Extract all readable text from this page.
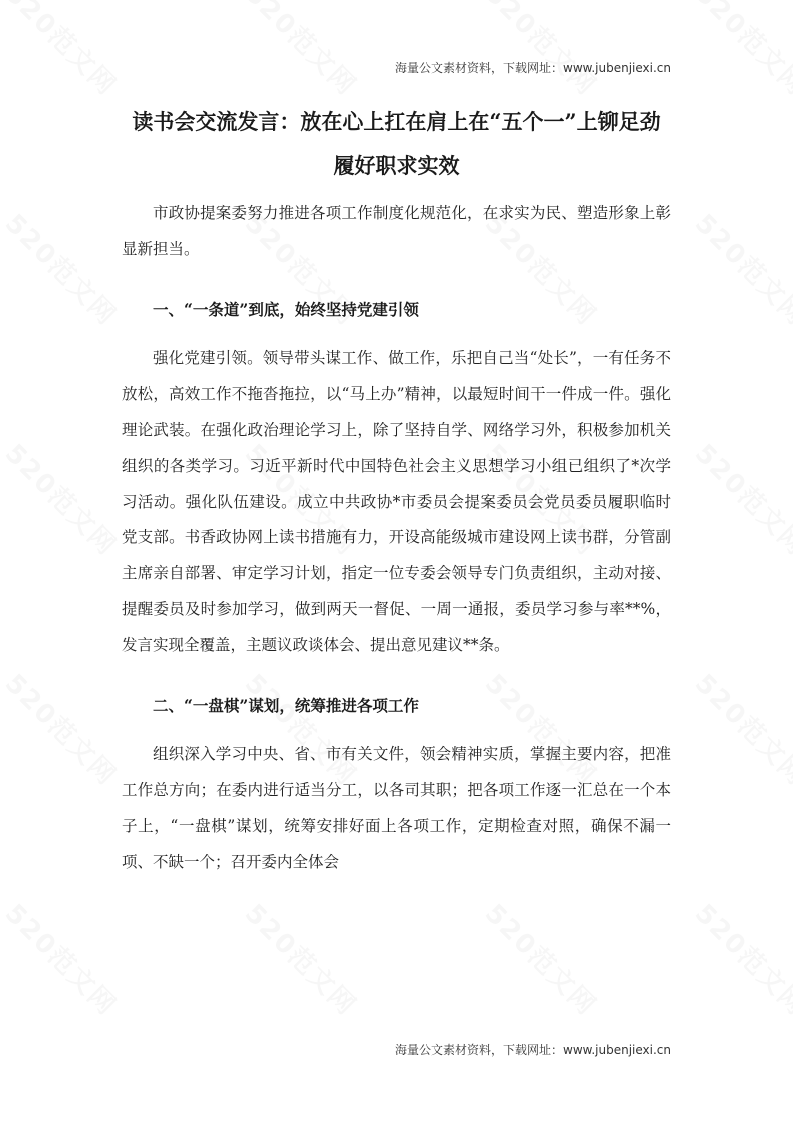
海量公文素材资料，下载网址：www.jubenjiexi.cn
读书会交流发言：放在心上扛在肩上在“五个一”上铆足劲履好职求实效

市政协提案委努力推进各项工作制度化规范化，在求实为民、塑造形象上彰显新担当。

一、“一条道”到底，始终坚持党建引领

强化党建引领。领导带头谋工作、做工作，乐把自己当“处长”，一有任务不放松，高效工作不拖沓拖拉，以“马上办”精神，以最短时间干一件成一件。强化理论武装。在强化政治理论学习上，除了坚持自学、网络学习外，积极参加机关组织的各类学习。习近平新时代中国特色社会主义思想学习小组已组织了*次学习活动。强化队伍建设。成立中共政协*市委员会提案委员会党员委员履职临时党支部。书香政协网上读书措施有力，开设高能级城市建设网上读书群，分管副主席亲自部署、审定学习计划，指定一位专委会领导专门负责组织，主动对接、提醒委员及时参加学习，做到两天一督促、一周一通报，委员学习参与率**%，发言实现全覆盖，主题议政谈体会、提出意见建议**条。

二、“一盘棋”谋划，统筹推进各项工作

组织深入学习中央、省、市有关文件，领会精神实质，掌握主要内容，把准工作总方向；在委内进行适当分工，以各司其职；把各项工作逐一汇总在一个本子上，“一盘棋”谋划，统筹安排好面上各项工作，定期检查对照，确保不漏一项、不缺一个；召开委内全体会

海量公文素材资料，下载网址：www.jubenjiexi.cn
